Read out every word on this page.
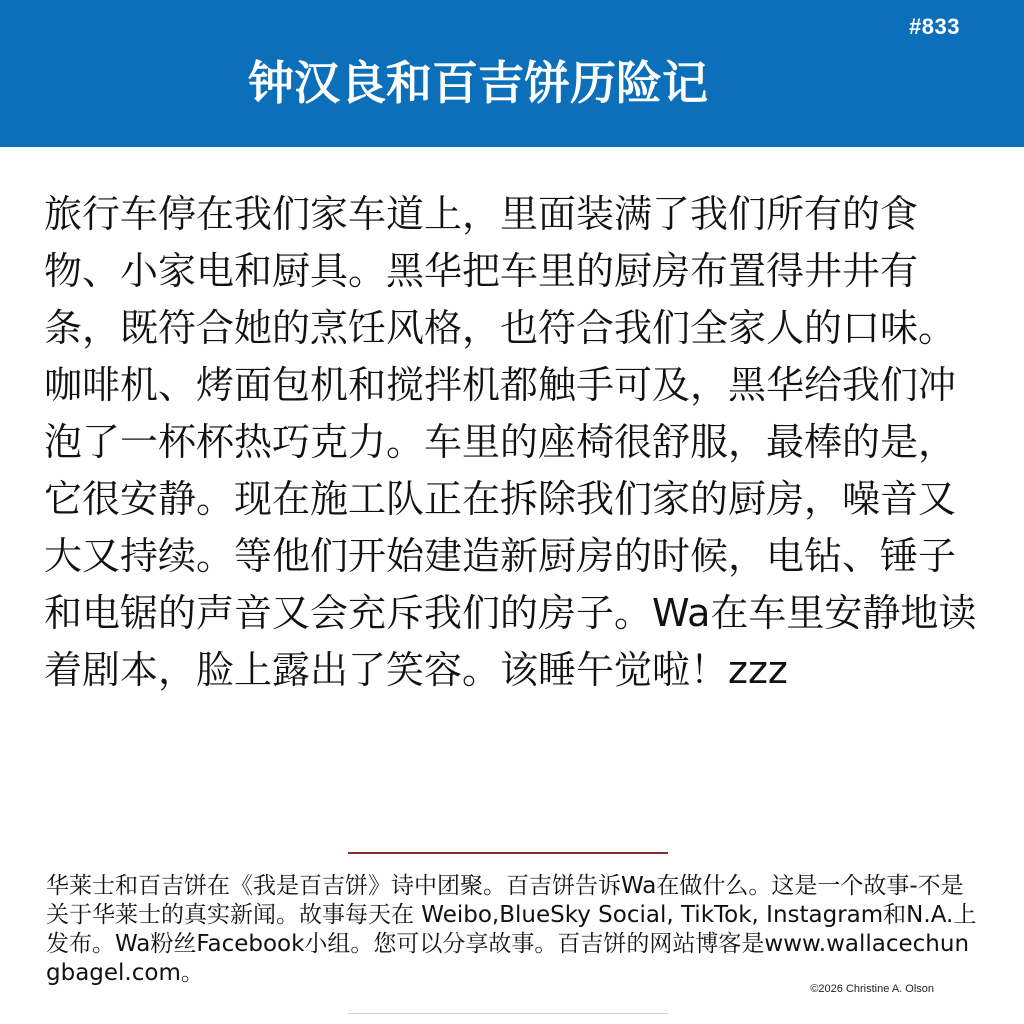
#833
钟汉良和百吉饼历险记

旅行车停在我们家车道上，里面装满了我们所有的食物、小家电和厨具。黑华把车里的厨房布置得井井有条，既符合她的烹饪风格，也符合我们全家人的口味。咖啡机、烤面包机和搅拌机都触手可及，黑华给我们冲泡了一杯杯热巧克力。车里的座椅很舒服，最棒的是，它很安静。现在施工队正在拆除我们家的厨房，噪音又大又持续。等他们开始建造新厨房的时候，电钻、锤子和电锯的声音又会充斥我们的房子。Wa在车里安静地读着剧本，脸上露出了笑容。该睡午觉啦！zzz

华莱士和百吉饼在《我是百吉饼》诗中团聚。百吉饼告诉Wa在做什么。这是一个故事-不是关于华莱士的真实新闻。故事每天在 Weibo,BlueSky Social, TikTok, Instagram和N.A.上发布。Wa粉丝Facebook小组。您可以分享故事。百吉饼的网站博客是www.wallacechungbagel.com。

©2026 Christine A. Olson
